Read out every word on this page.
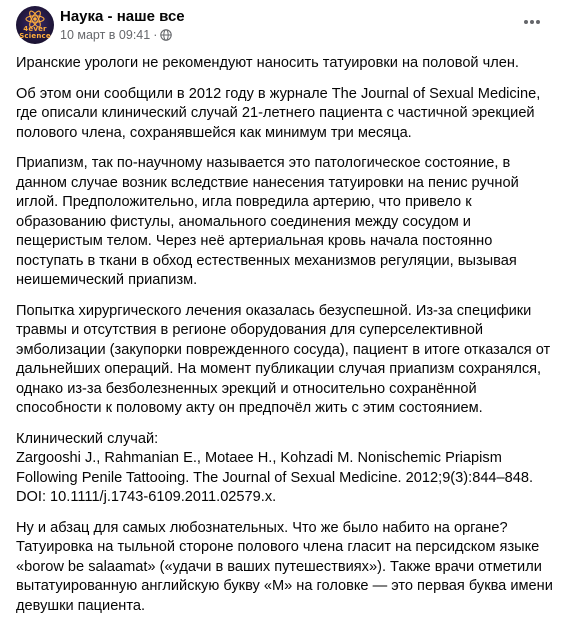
4ever
Science
Наука - наше все
10 март в 09:41 ·

Иранские урологи не рекомендуют наносить татуировки на половой член.

Об этом они сообщили в 2012 году в журнале The Journal of Sexual Medicine, где описали клинический случай 21-летнего пациента с частичной эрекцией полового члена, сохранявшейся как минимум три месяца.

Приапизм, так по-научному называется это патологическое состояние, в данном случае возник вследствие нанесения татуировки на пенис ручной иглой. Предположительно, игла повредила артерию, что привело к образованию фистулы, аномального соединения между сосудом и пещеристым телом. Через неё артериальная кровь начала постоянно поступать в ткани в обход естественных механизмов регуляции, вызывая неишемический приапизм.

Попытка хирургического лечения оказалась безуспешной. Из-за специфики травмы и отсутствия в регионе оборудования для суперселективной эмболизации (закупорки поврежденного сосуда), пациент в итоге отказался от дальнейших операций. На момент публикации случая приапизм сохранялся, однако из-за безболезненных эрекций и относительно сохранённой способности к половому акту он предпочёл жить с этим состоянием.

Клинический случай:
Zargooshi J., Rahmanian E., Motaee H., Kohzadi M. Nonischemic Priapism Following Penile Tattooing. The Journal of Sexual Medicine. 2012;9(3):844–848. DOI: 10.1111/j.1743-6109.2011.02579.x.

Ну и абзац для самых любознательных. Что же было набито на органе? Татуировка на тыльной стороне полового члена гласит на персидском языке «borow be salaamat» («удачи в ваших путешествиях»). Также врачи отметили вытатуированную английскую букву «M» на головке — это первая буква имени девушки пациента.
